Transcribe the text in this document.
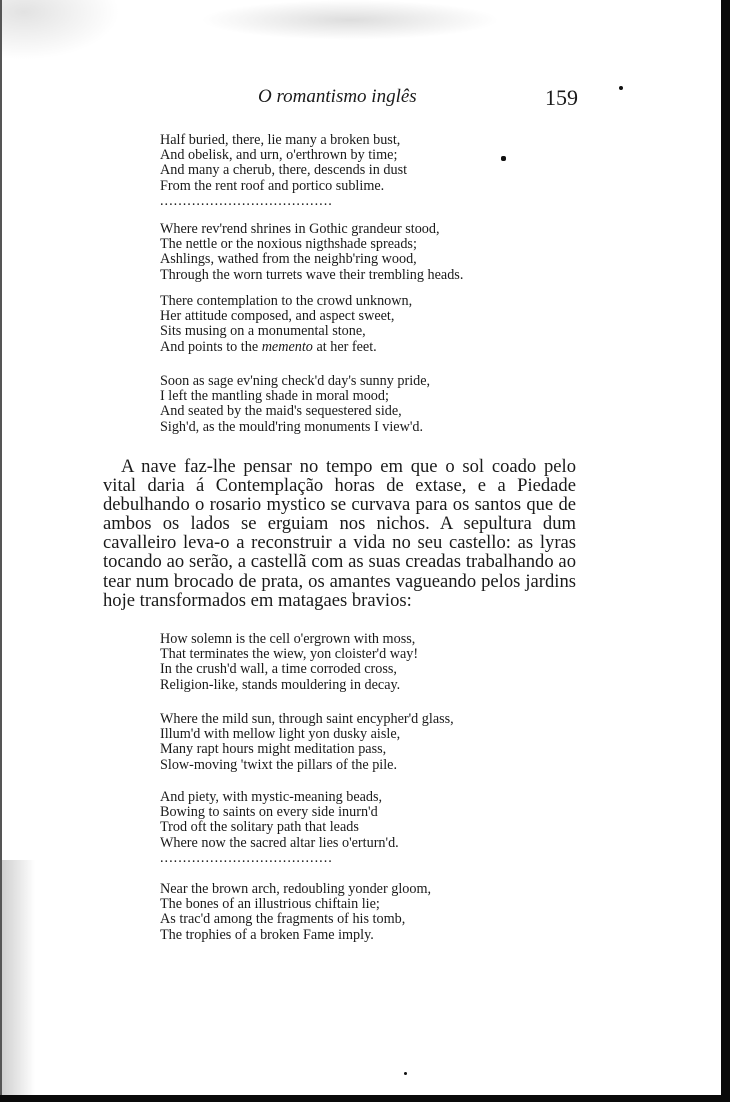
O romantismo inglês	159
Half buried, there, lie many a broken bust,
And obelisk, and urn, o'erthrown by time;
And many a cherub, there, descends in dust
From the rent roof and portico sublime.
......................................
Where rev'rend shrines in Gothic grandeur stood,
The nettle or the noxious nigthshade spreads;
Ashlings, wathed from the neighb'ring wood,
Through the worn turrets wave their trembling heads.
There contemplation to the crowd unknown,
Her attitude composed, and aspect sweet,
Sits musing on a monumental stone,
And points to the memento at her feet.
Soon as sage ev'ning check'd day's sunny pride,
I left the mantling shade in moral mood;
And seated by the maid's sequestered side,
Sigh'd, as the mould'ring monuments I view'd.

A nave faz-lhe pensar no tempo em que o sol coado pelo vital daria á Contemplação horas de extase, e a Piedade debulhando o rosario mystico se curvava para os santos que de ambos os lados se erguiam nos nichos. A sepultura dum cavalleiro leva-o a reconstruir a vida no seu castello: as lyras tocando ao serão, a castellã com as suas creadas trabalhando ao tear num brocado de prata, os amantes vagueando pelos jardins hoje transformados em matagaes bravios:

How solemn is the cell o'ergrown with moss,
That terminates the wiew, yon cloister'd way!
In the crush'd wall, a time corroded cross,
Religion-like, stands mouldering in decay.
Where the mild sun, through saint encypher'd glass,
Illum'd with mellow light yon dusky aisle,
Many rapt hours might meditation pass,
Slow-moving 'twixt the pillars of the pile.
And piety, with mystic-meaning beads,
Bowing to saints on every side inurn'd
Trod oft the solitary path that leads
Where now the sacred altar lies o'erturn'd.
......................................
Near the brown arch, redoubling yonder gloom,
The bones of an illustrious chiftain lie;
As trac'd among the fragments of his tomb,
The trophies of a broken Fame imply.
